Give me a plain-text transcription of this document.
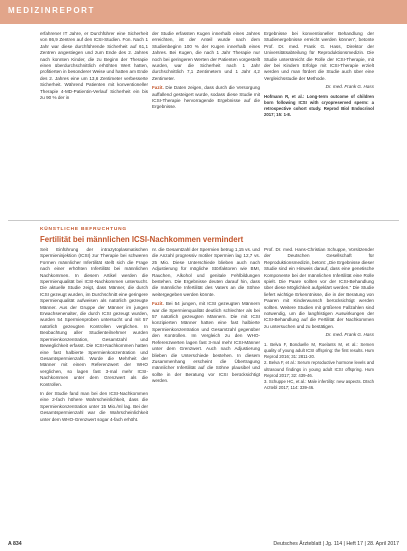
MEDIZINREPORT

erfahrener IT Jahre, er Durchführer eine Sicherheit von 86,9 Zentren auf den ICSI-Studien. Fon. Nach 1 Jahr war diese durchführende Sicherheit auf 61,1 Zentren angestiegen und zum Ende des 2. Jahres nach konnten Kinder, die zu Beginn der Therapie einen überdurchschnittlich erhöhten Wert hatten, profitierten in besonderer Weise und hatten am Ende des 2. Jahres eine um 13,6 Zentimeter verbesserte Sicherheit. Während Patienten mit konventioneller Therapie 4-MD-Patientin-Verlauf Sicherheit ein bis zu 90 % der in

der Studie erfassten Kugen innerhalb eines Jahres erreichten, ist der Anteil wurde nach dem Studienbeginn 100 % der Kugen innerhalb eines Jahres. Bei Kugen, die nach 1 Jahr Therapie nur noch bei geringeren Werten der Patienten vorgestellt wurden, war die Sicherheit nach 1 Jahr durchschnittlich 7,1 Zentimetern und 1 Jahr 4,2 Zentimeter.

Fazit. Die Daten zeigen, dass durch die Versorgung auffallend gesteigert wurde, sodass diese Studie mit ICSI-Therapie hervorragende Ergebnisse auf die Ergebnisse.

Ergebnisse bei konventioneller Behandlung der Studienergebnisse erreicht werden können“, betonte Prof. Dr. med. Frank G. Hass, Direktor der Universitätsabteilung für Reproduktionsmedizin. Die Studie unterstreicht die Rolle der ICSI-Therapie, mit der bei Kindern Erfolge mit ICSI-Therapie erzielt werden und man fördert die Studie auch über eine Vergleichsstudie der Methode.

Dr. med. Frank G. Hass

Hofmann R, et al.: Long-term outcome of children born following ICSI with cryopreserved sperm: a retrospective cohort study. Reprod Biol Endocrinol 2017; 15: 1-8.

KÜNSTLICHE BEFRUCHTUNG
Fertilität bei männlichen ICSI-Nachkommen vermindert

Seit Einführung der intrazytoplasmatischen Spermieninjektion (ICSI) zur Therapie bei schweren Formen männlicher Infertilität stellt sich die Frage nach einer erhöhten Infertilität bei männlichen Nachkommen. In diesem Artikel werden die Spermienqualität bei ICSI-Nachkommen untersucht. Die aktuelle Studie zeigt, dass Männer, die durch ICSI gezeugt wurden, im Durchschnitt eine geringere Spermienqualität aufweisen als natürlich gezeugte Männer. Aus der Gruppe der Männer im jungen Erwachsenenalter, die durch ICSI gezeugt wurden, wurden 54 Spermienproben untersucht und mit 57 natürlich gezeugten Kontrollen verglichen. In Beobachtung aller Studienteilnehmer wurden Spermienkonzentration, Gesamtzahl und Beweglichkeit erfasst. Die ICSI-Nachkommen hatten eine fast halbierte Spermienkonzentration und Gesamtspermienzahl. Wurde die Mehrheit der Männer mit einem Referenzwert der WHO verglichen, so lagen fast 3-mal mehr ICSI-Nachkommen unter dem Grenzwert als die Kontrollen.

In der Studie fand man bei den ICSI-Nachkommen eine 2-fach höhere Wahrscheinlichkeit, dass die Spermienkonzentration unter 15 Mio./ml lag. Bei der Gesamtspermienzahl war die Wahrscheinlichkeit unter dem WHO-Grenzwert sogar 4-fach erhöht.

nr. die Gesamtzahl der Spermien betrug 1,15 vs. und die Anzahl progressiv motiler Spermien lag 12,7 vs. 25 Mio. Diese Unterschiede blieben auch nach Adjustierung für mögliche Störfaktoren wie BMI, Rauchen, Alkohol und genitale Fehlbildungen bestehen. Die Ergebnisse deuten darauf hin, dass die männliche Infertilität des Vaters an die Söhne weitergegeben werden könnte.

Fazit. Bei 54 jungen, mit ICSI gezeugten Männern war die Spermienqualität deutlich schlechter als bei 57 natürlich gezeugten Männern. Die mit ICSI konzipierten Männer hatten eine fast halbierte Spermienkonzentration und Gesamtzahl gegenüber den Kontrollen. Im Vergleich zu den WHO-Referenzwerten lagen fast 3-mal mehr ICSI-Männer unter dem Grenzwert. Auch nach Adjustierung blieben die Unterschiede bestehen. In diesem Zusammenhang erscheint die Übertragung männlicher Infertilität auf die Söhne plausibel und sollte in der Beratung vor ICSI berücksichtigt werden.

Prof. Dr. med. Hans-Christian Schuppe, Vorsitzender der Deutschen Gesellschaft für Reproduktionsmedizin, betont: „Die Ergebnisse dieser Studie sind ein Hinweis darauf, dass eine genetische Komponente bei der männlichen Infertilität eine Rolle spielt. Die Paare sollten vor der ICSI-Behandlung über diese Möglichkeit aufgeklärt werden.“ Die Studie liefert wichtige Erkenntnisse, die in der Beratung von Paaren mit Kinderwunsch berücksichtigt werden sollten. Weitere Studien mit größeren Fallzahlen sind notwendig, um die langfristigen Auswirkungen der ICSI-Behandlung auf die Fertilität der Nachkommen zu untersuchen und zu bestätigen.

Dr. med. Frank G. Hass

1. Belva F, Bonduelle M, Roelants M, et al.: Semen quality of young adult ICSI offspring: the first results. Hum Reprod 2016; 31: 2811-20.

2. Belva F, et al.: Serum reproductive hormone levels and ultrasound findings in young adult ICSI offspring. Hum Reprod 2017; 32: 439-46.

3. Schuppe HC, et al.: Male infertility: new aspects. Dtsch Arztebl 2017; 114: 339-46.

A 834	Deutsches Ärzteblatt | Jg. 114 | Heft 17 | 28. April 2017
